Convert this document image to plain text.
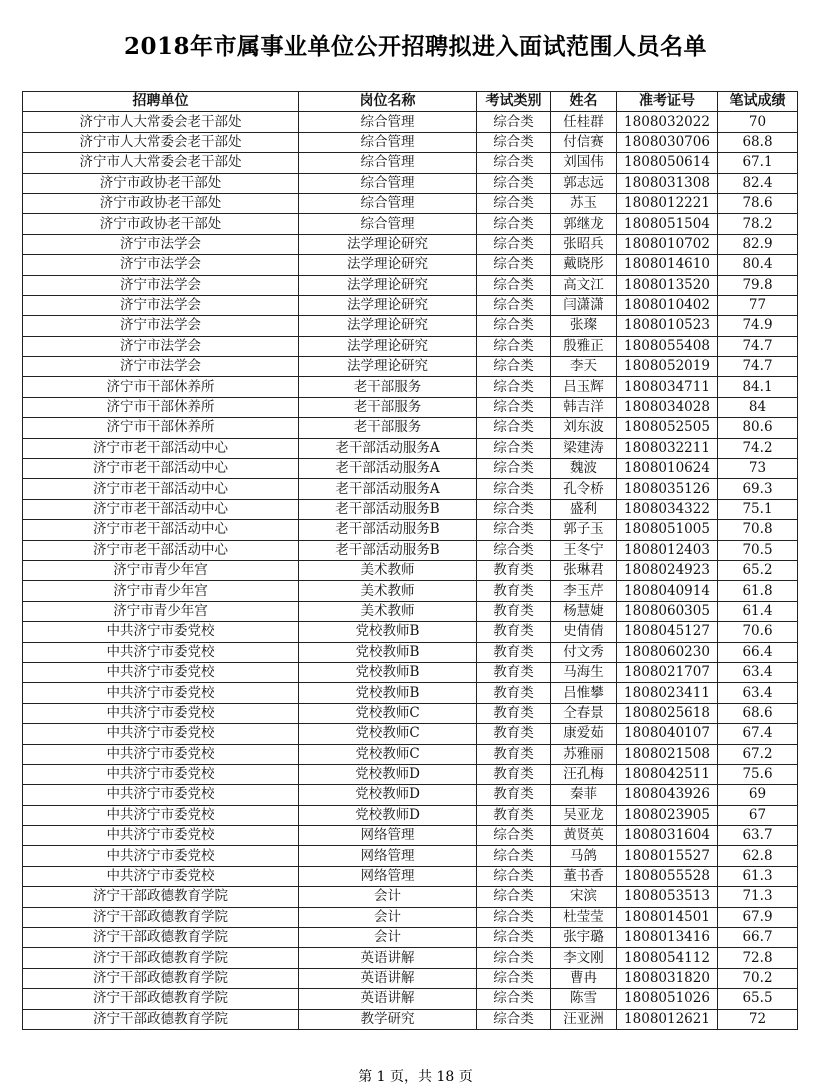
2018年市属事业单位公开招聘拟进入面试范围人员名单
招聘单位	岗位名称	考试类别	姓名	准考证号	笔试成绩
济宁市人大常委会老干部处	综合管理	综合类	任桂群	1808032022	70
济宁市人大常委会老干部处	综合管理	综合类	付信赛	1808030706	68.8
济宁市人大常委会老干部处	综合管理	综合类	刘国伟	1808050614	67.1
济宁市政协老干部处	综合管理	综合类	郭志远	1808031308	82.4
济宁市政协老干部处	综合管理	综合类	苏玉	1808012221	78.6
济宁市政协老干部处	综合管理	综合类	郭继龙	1808051504	78.2
济宁市法学会	法学理论研究	综合类	张昭兵	1808010702	82.9
济宁市法学会	法学理论研究	综合类	戴晓彤	1808014610	80.4
济宁市法学会	法学理论研究	综合类	高文江	1808013520	79.8
济宁市法学会	法学理论研究	综合类	闫潇潇	1808010402	77
济宁市法学会	法学理论研究	综合类	张璨	1808010523	74.9
济宁市法学会	法学理论研究	综合类	殷雅正	1808055408	74.7
济宁市法学会	法学理论研究	综合类	李天	1808052019	74.7
济宁市干部休养所	老干部服务	综合类	吕玉辉	1808034711	84.1
济宁市干部休养所	老干部服务	综合类	韩吉洋	1808034028	84
济宁市干部休养所	老干部服务	综合类	刘东波	1808052505	80.6
济宁市老干部活动中心	老干部活动服务A	综合类	梁建涛	1808032211	74.2
济宁市老干部活动中心	老干部活动服务A	综合类	魏波	1808010624	73
济宁市老干部活动中心	老干部活动服务A	综合类	孔令桥	1808035126	69.3
济宁市老干部活动中心	老干部活动服务B	综合类	盛利	1808034322	75.1
济宁市老干部活动中心	老干部活动服务B	综合类	郭子玉	1808051005	70.8
济宁市老干部活动中心	老干部活动服务B	综合类	王冬宁	1808012403	70.5
济宁市青少年宫	美术教师	教育类	张琳君	1808024923	65.2
济宁市青少年宫	美术教师	教育类	李玉芹	1808040914	61.8
济宁市青少年宫	美术教师	教育类	杨慧婕	1808060305	61.4
中共济宁市委党校	党校教师B	教育类	史倩倩	1808045127	70.6
中共济宁市委党校	党校教师B	教育类	付文秀	1808060230	66.4
中共济宁市委党校	党校教师B	教育类	马海生	1808021707	63.4
中共济宁市委党校	党校教师B	教育类	吕惟攀	1808023411	63.4
中共济宁市委党校	党校教师C	教育类	仝春景	1808025618	68.6
中共济宁市委党校	党校教师C	教育类	康爱茹	1808040107	67.4
中共济宁市委党校	党校教师C	教育类	苏雅丽	1808021508	67.2
中共济宁市委党校	党校教师D	教育类	汪孔梅	1808042511	75.6
中共济宁市委党校	党校教师D	教育类	秦菲	1808043926	69
中共济宁市委党校	党校教师D	教育类	吴亚龙	1808023905	67
中共济宁市委党校	网络管理	综合类	黄贤英	1808031604	63.7
中共济宁市委党校	网络管理	综合类	马鸽	1808015527	62.8
中共济宁市委党校	网络管理	综合类	董书香	1808055528	61.3
济宁干部政德教育学院	会计	综合类	宋滨	1808053513	71.3
济宁干部政德教育学院	会计	综合类	杜莹莹	1808014501	67.9
济宁干部政德教育学院	会计	综合类	张宇璐	1808013416	66.7
济宁干部政德教育学院	英语讲解	综合类	李文刚	1808054112	72.8
济宁干部政德教育学院	英语讲解	综合类	曹冉	1808031820	70.2
济宁干部政德教育学院	英语讲解	综合类	陈雪	1808051026	65.5
济宁干部政德教育学院	教学研究	综合类	汪亚洲	1808012621	72
第 1 页，共 18 页
